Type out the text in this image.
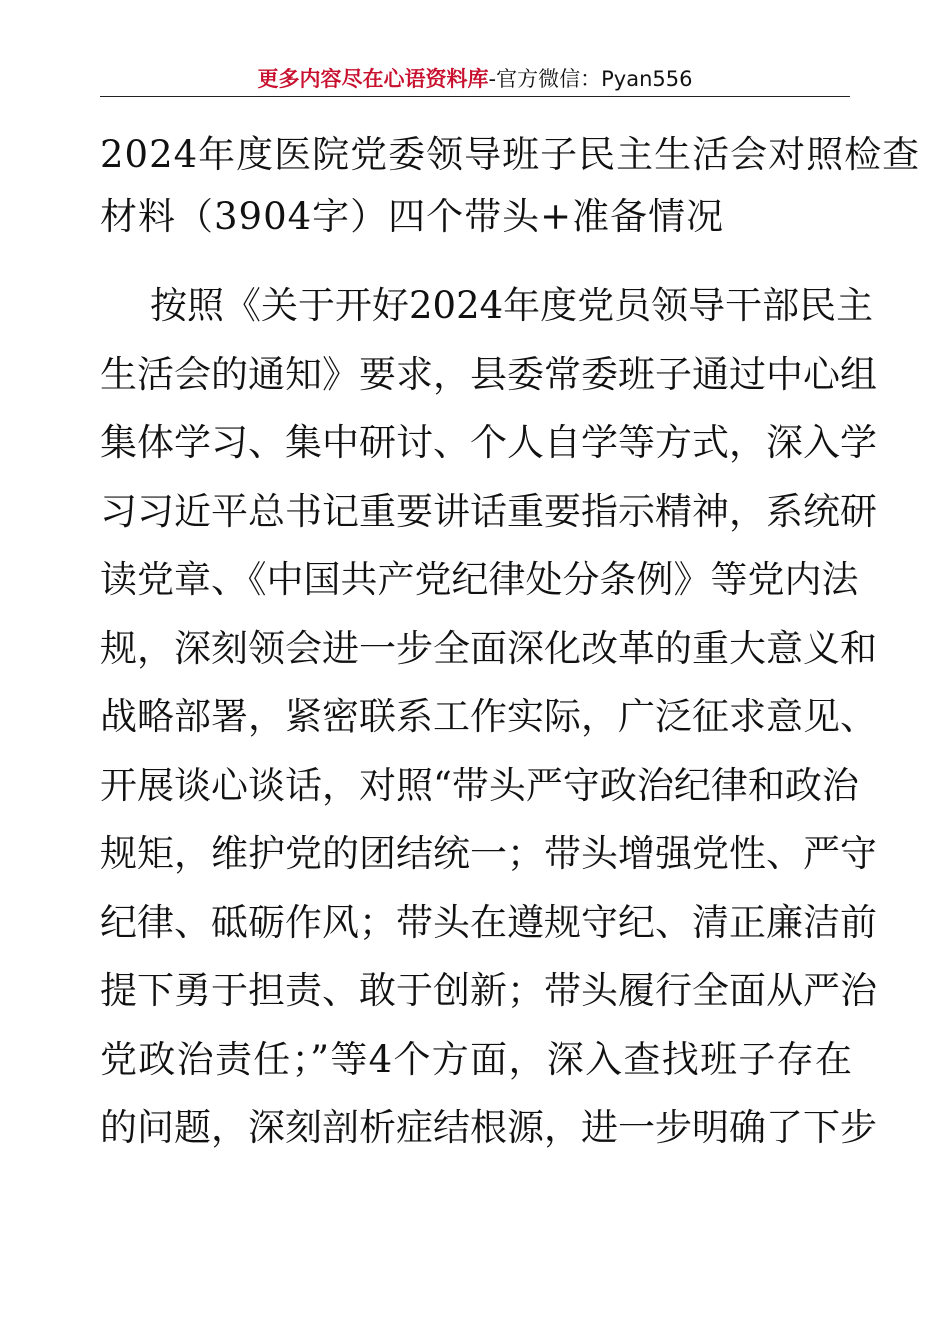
更多内容尽在心语资料库-官方微信：Pyan556
2024年度医院党委领导班子民主生活会对照检查
材料（3904字）四个带头+准备情况
按照《关于开好2024年度党员领导干部民主
生活会的通知》要求，县委常委班子通过中心组
集体学习、集中研讨、个人自学等方式，深入学
习习近平总书记重要讲话重要指示精神，系统研
读党章、《中国共产党纪律处分条例》等党内法
规，深刻领会进一步全面深化改革的重大意义和
战略部署，紧密联系工作实际，广泛征求意见、
开展谈心谈话，对照“带头严守政治纪律和政治
规矩，维护党的团结统一；带头增强党性、严守
纪律、砥砺作风；带头在遵规守纪、清正廉洁前
提下勇于担责、敢于创新；带头履行全面从严治
党政治责任；”等4个方面，深入查找班子存在
的问题，深刻剖析症结根源，进一步明确了下步
